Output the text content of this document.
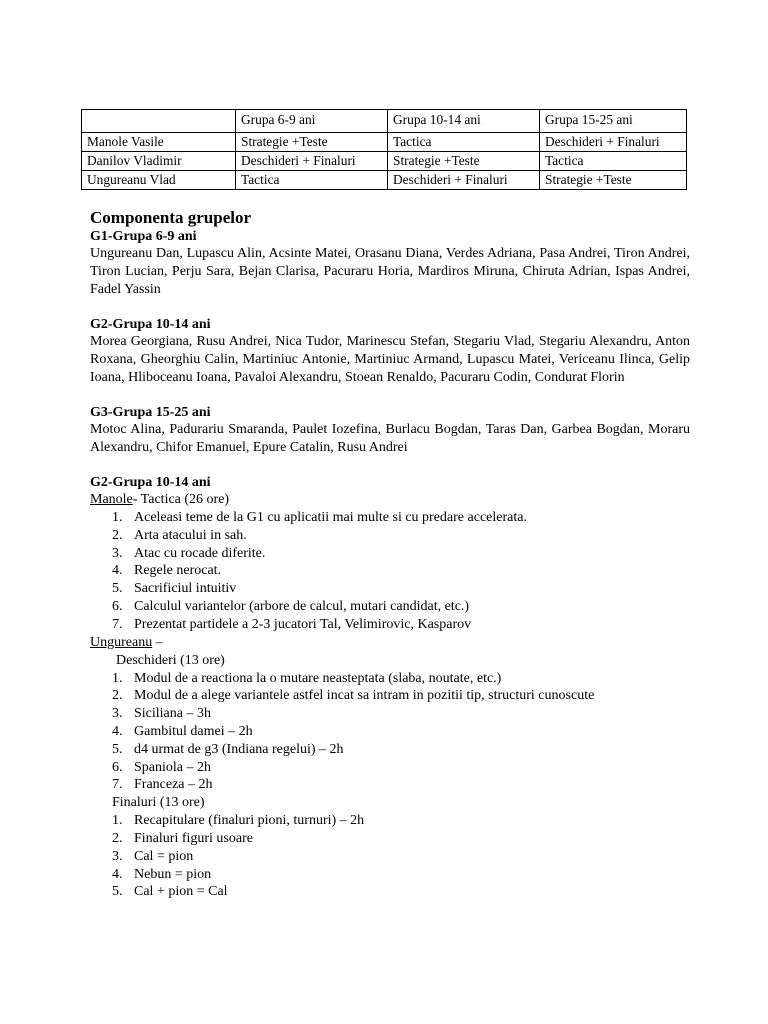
	Grupa 6-9 ani	Grupa 10-14 ani	Grupa 15-25 ani
Manole Vasile	Strategie +Teste	Tactica	Deschideri + Finaluri
Danilov Vladimir	Deschideri + Finaluri	Strategie +Teste	Tactica
Ungureanu Vlad	Tactica	Deschideri + Finaluri	Strategie +Teste

Componenta grupelor

G1-Grupa 6-9 ani

Ungureanu Dan, Lupascu Alin, Acsinte Matei, Orasanu Diana, Verdes Adriana, Pasa Andrei, Tiron Andrei, Tiron Lucian, Perju Sara, Bejan Clarisa, Pacuraru Horia, Mardiros Miruna, Chiruta Adrian, Ispas Andrei, Fadel Yassin

G2-Grupa 10-14 ani

Morea Georgiana, Rusu Andrei, Nica Tudor, Marinescu Stefan, Stegariu Vlad, Stegariu Alexandru, Anton Roxana, Gheorghiu Calin, Martiniuc Antonie, Martiniuc Armand, Lupascu Matei, Vericeanu Ilinca, Gelip Ioana, Hliboceanu Ioana, Pavaloi Alexandru, Stoean Renaldo, Pacuraru Codin, Condurat Florin

G3-Grupa 15-25 ani

Motoc Alina, Padurariu Smaranda, Paulet Iozefina, Burlacu Bogdan, Taras Dan, Garbea Bogdan, Moraru Alexandru, Chifor Emanuel, Epure Catalin, Rusu Andrei

G2-Grupa 10-14 ani

Manole- Tactica (26 ore)

1. Aceleasi teme de la G1 cu aplicatii mai multe si cu predare accelerata.
2. Arta atacului in sah.
3. Atac cu rocade diferite.
4. Regele nerocat.
5. Sacrificiul intuitiv
6. Calculul variantelor (arbore de calcul, mutari candidat, etc.)
7. Prezentat partidele a 2-3 jucatori Tal, Velimirovic, Kasparov

Ungureanu –

Deschideri (13 ore)
1. Modul de a reactiona la o mutare neasteptata (slaba, noutate, etc.)
2. Modul de a alege variantele astfel incat sa intram in pozitii tip, structuri cunoscute
3. Siciliana – 3h
4. Gambitul damei – 2h
5. d4 urmat de g3 (Indiana regelui) – 2h
6. Spaniola – 2h
7. Franceza – 2h
Finaluri (13 ore)
1. Recapitulare (finaluri pioni, turnuri) – 2h
2. Finaluri figuri usoare
3. Cal = pion
4. Nebun = pion
5. Cal + pion = Cal
